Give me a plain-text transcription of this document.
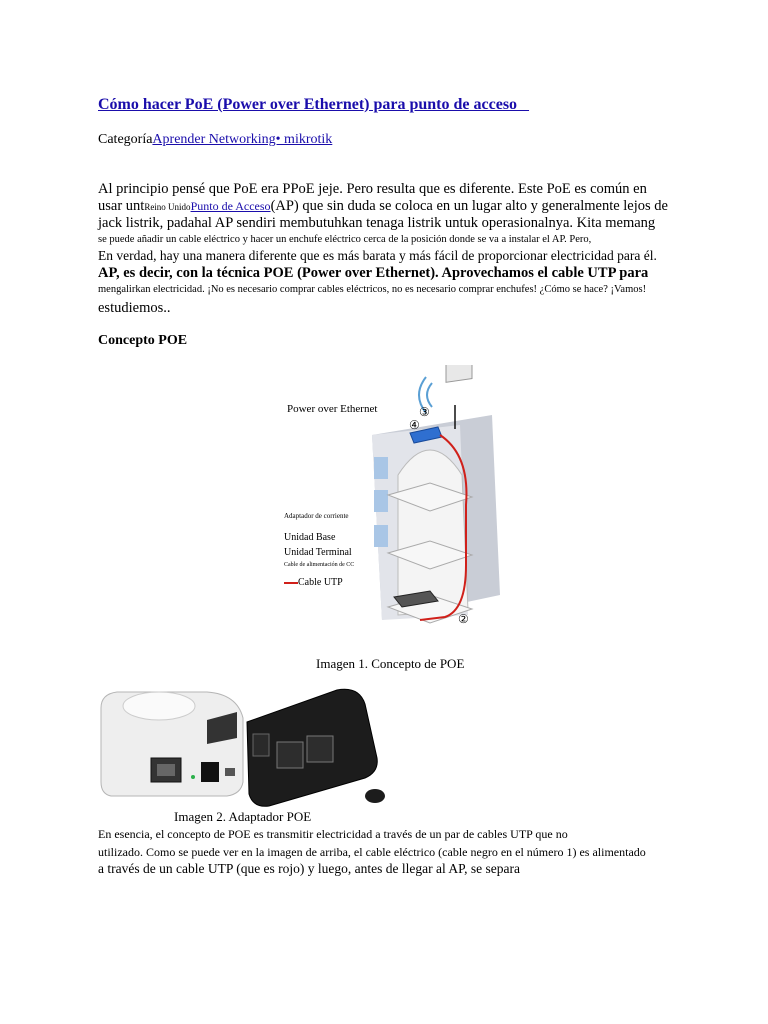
Cómo hacer PoE (Power over Ethernet) para punto de acceso
CategoríaAprender Networking• mikrotik
Al principio pensé que PoE era PPoE jeje. Pero resulta que es diferente. Este PoE es común en
usar untReino UnidoPunto de Acceso(AP) que sin duda se coloca en un lugar alto y generalmente lejos de
jack listrik, padahal AP sendiri membutuhkan tenaga listrik untuk operasionalnya. Kita memang
se puede añadir un cable eléctrico y hacer un enchufe eléctrico cerca de la posición donde se va a instalar el AP. Pero,
En verdad, hay una manera diferente que es más barata y más fácil de proporcionar electricidad para él.
AP, es decir, con la técnica POE (Power over Ethernet). Aprovechamos el cable UTP para
mengalirkan electricidad. ¡No es necesario comprar cables eléctricos, no es necesario comprar enchufes! ¿Cómo se hace? ¡Vamos!
estudiemos..
Concepto POE
Power over Ethernet
Adaptador de corriente
Unidad Base
Unidad Terminal
Cable de alimentación de CC
Cable UTP
③
④
②
Imagen 1. Concepto de POE
Imagen 2. Adaptador POE
En esencia, el concepto de POE es transmitir electricidad a través de un par de cables UTP que no
utilizado. Como se puede ver en la imagen de arriba, el cable eléctrico (cable negro en el número 1) es alimentado
a través de un cable UTP (que es rojo) y luego, antes de llegar al AP, se separa
